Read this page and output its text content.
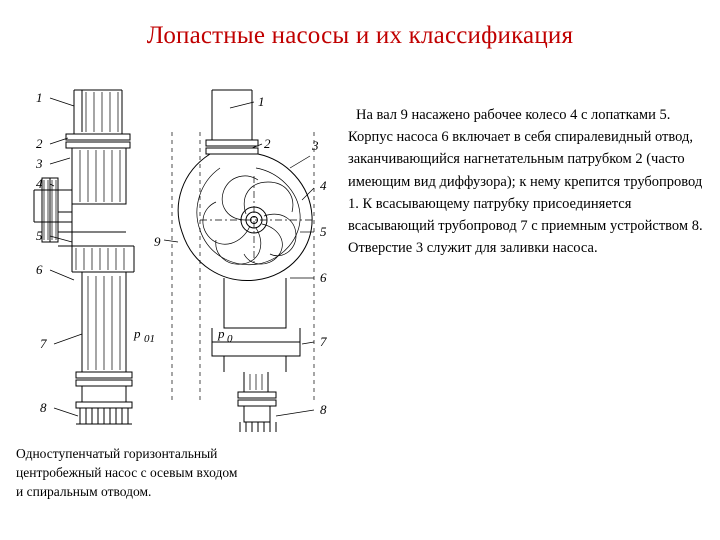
Лопастные насосы и их классификация
1
2
3
4
5
6
7
8
1
2	3
4
5
6
7
8
9
p 01	p 0
На вал 9 насажено рабочее колесо 4 с лопатками 5. Корпус насоса 6 включает в себя спиралевидный отвод, заканчивающийся нагнетательным патрубком 2 (часто имеющим вид диффузора); к нему крепится трубопровод 1. К всасывающему патрубку присоединяется всасывающий трубопровод 7 с приемным устройством 8. Отверстие 3 служит для заливки насоса.
Одноступенчатый горизонтальный
центробежный насос с осевым входом
и спиральным отводом.
